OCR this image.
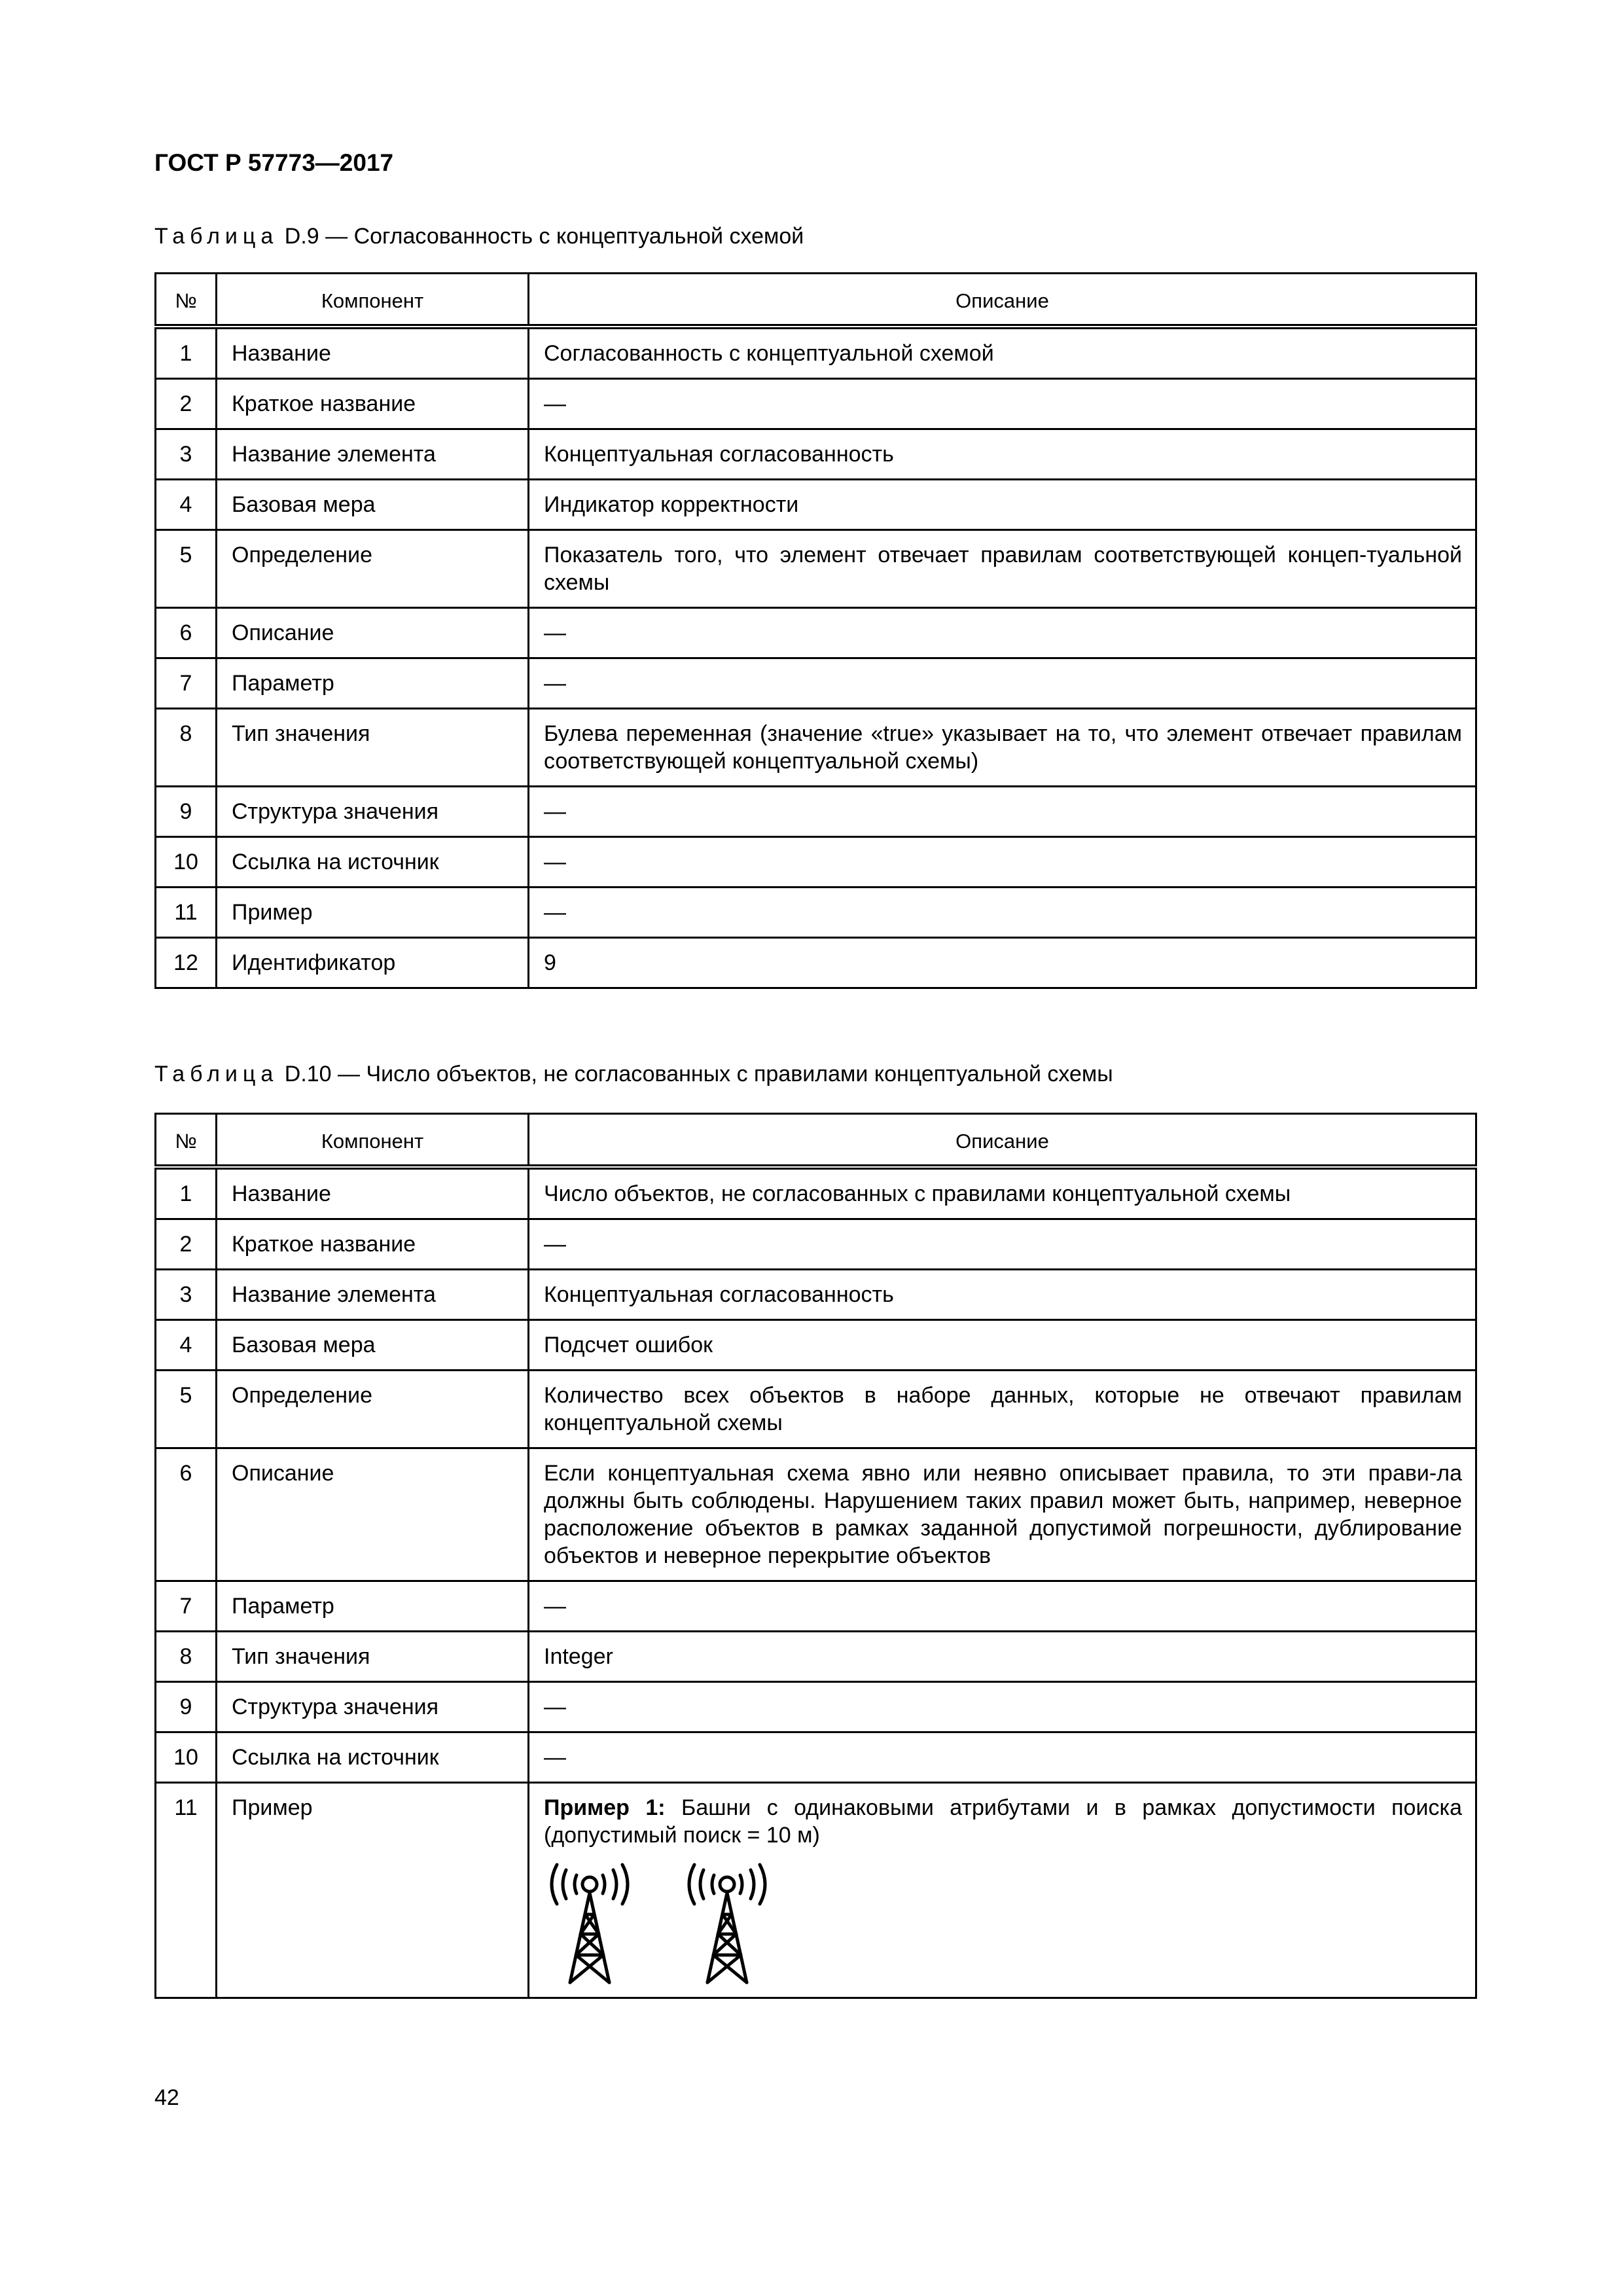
ГОСТ Р 57773—2017
Таблица D.9 — Согласованность с концептуальной схемой
№	Компонент	Описание
1	Название	Согласованность с концептуальной схемой
2	Краткое название	—
3	Название элемента	Концептуальная согласованность
4	Базовая мера	Индикатор корректности
5	Определение	Показатель того, что элемент отвечает правилам соответствующей концеп-туальной схемы
6	Описание	—
7	Параметр	—
8	Тип значения	Булева переменная (значение «true» указывает на то, что элемент отвечает правилам соответствующей концептуальной схемы)
9	Структура значения	—
10	Ссылка на источник	—
11	Пример	—
12	Идентификатор	9
Таблица D.10 — Число объектов, не согласованных с правилами концептуальной схемы
№	Компонент	Описание
1	Название	Число объектов, не согласованных с правилами концептуальной схемы
2	Краткое название	—
3	Название элемента	Концептуальная согласованность
4	Базовая мера	Подсчет ошибок
5	Определение	Количество всех объектов в наборе данных, которые не отвечают правилам концептуальной схемы
6	Описание	Если концептуальная схема явно или неявно описывает правила, то эти прави-ла должны быть соблюдены. Нарушением таких правил может быть, например, неверное расположение объектов в рамках заданной допустимой погрешности, дублирование объектов и неверное перекрытие объектов
7	Параметр	—
8	Тип значения	Integer
9	Структура значения	—
10	Ссылка на источник	—
11	Пример	Пример 1: Башни с одинаковыми атрибутами и в рамках допустимости поиска (допустимый поиск = 10 м)
42
